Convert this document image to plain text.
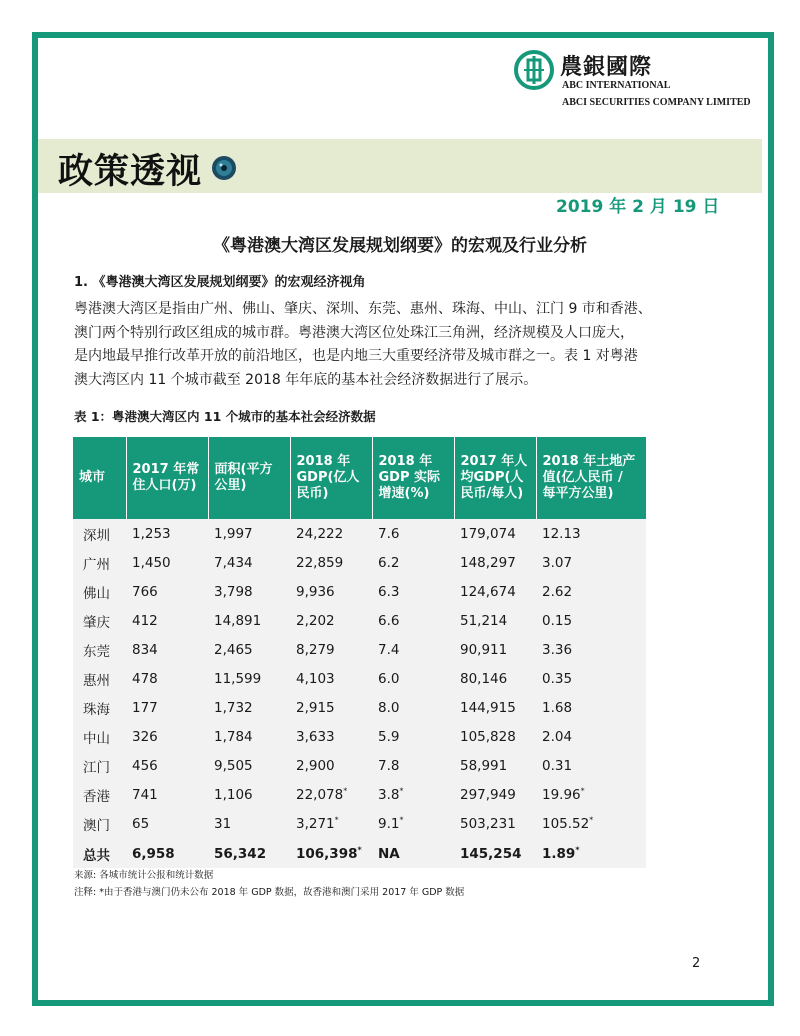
農銀國際
ABC INTERNATIONAL
ABCI SECURITIES COMPANY LIMITED
政策透视
2019 年 2 月 19 日
《粤港澳大湾区发展规划纲要》的宏观及行业分析
1. 《粤港澳大湾区发展规划纲要》的宏观经济视角
粤港澳大湾区是指由广州、佛山、肇庆、深圳、东莞、惠州、珠海、中山、江门 9 市和香港、
澳门两个特别行政区组成的城市群。粤港澳大湾区位处珠江三角洲，经济规模及人口庞大，
是内地最早推行改革开放的前沿地区，也是内地三大重要经济带及城市群之一。表 1 对粤港
澳大湾区内 11 个城市截至 2018 年年底的基本社会经济数据进行了展示。
表 1：粤港澳大湾区内 11 个城市的基本社会经济数据
城市	2017 年常住人口(万)	面积(平方公里)	2018 年GDP(亿人民币)	2018 年GDP 实际增速(%)	2017 年人均GDP(人民币/每人)	2018 年土地产值(亿人民币 / 每平方公里)
深圳	1,253	1,997	24,222	7.6	179,074	12.13
广州	1,450	7,434	22,859	6.2	148,297	3.07
佛山	766	3,798	9,936	6.3	124,674	2.62
肇庆	412	14,891	2,202	6.6	51,214	0.15
东莞	834	2,465	8,279	7.4	90,911	3.36
惠州	478	11,599	4,103	6.0	80,146	0.35
珠海	177	1,732	2,915	8.0	144,915	1.68
中山	326	1,784	3,633	5.9	105,828	2.04
江门	456	9,505	2,900	7.8	58,991	0.31
香港	741	1,106	22,078*	3.8*	297,949	19.96*
澳门	65	31	3,271*	9.1*	503,231	105.52*
总共	6,958	56,342	106,398*	NA	145,254	1.89*
来源: 各城市统计公报和统计数据
注释: *由于香港与澳门仍未公布 2018 年 GDP 数据，故香港和澳门采用 2017 年 GDP 数据
2
